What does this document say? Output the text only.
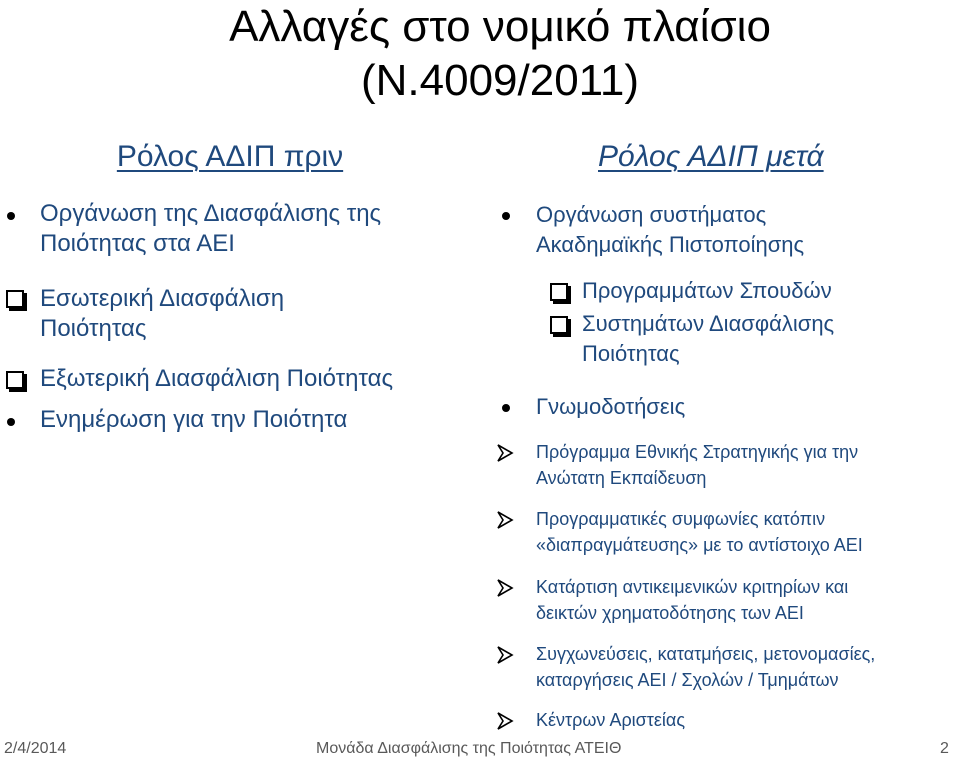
Αλλαγές στο νομικό πλαίσιο
(Ν.4009/2011)
Ρόλος ΑΔΙΠ πριν	Ρόλος ΑΔΙΠ μετά
Οργάνωση της Διασφάλισης της
Ποιότητας στα ΑΕΙ
Εσωτερική Διασφάλιση
Ποιότητας
Εξωτερική Διασφάλιση Ποιότητας
Ενημέρωση για την Ποιότητα
Οργάνωση συστήματος
Ακαδημαϊκής Πιστοποίησης
Προγραμμάτων Σπουδών
Συστημάτων Διασφάλισης
Ποιότητας
Γνωμοδοτήσεις
Πρόγραμμα Εθνικής Στρατηγικής για την
Ανώτατη Εκπαίδευση
Προγραμματικές συμφωνίες κατόπιν
«διαπραγμάτευσης» με το αντίστοιχο ΑΕΙ
Κατάρτιση αντικειμενικών κριτηρίων και
δεικτών χρηματοδότησης των ΑΕΙ
Συγχωνεύσεις, κατατμήσεις, μετονομασίες,
καταργήσεις ΑΕΙ / Σχολών / Τμημάτων
Κέντρων Αριστείας
2/4/2014	Μονάδα Διασφάλισης της Ποιότητας ΑΤΕΙΘ	2
